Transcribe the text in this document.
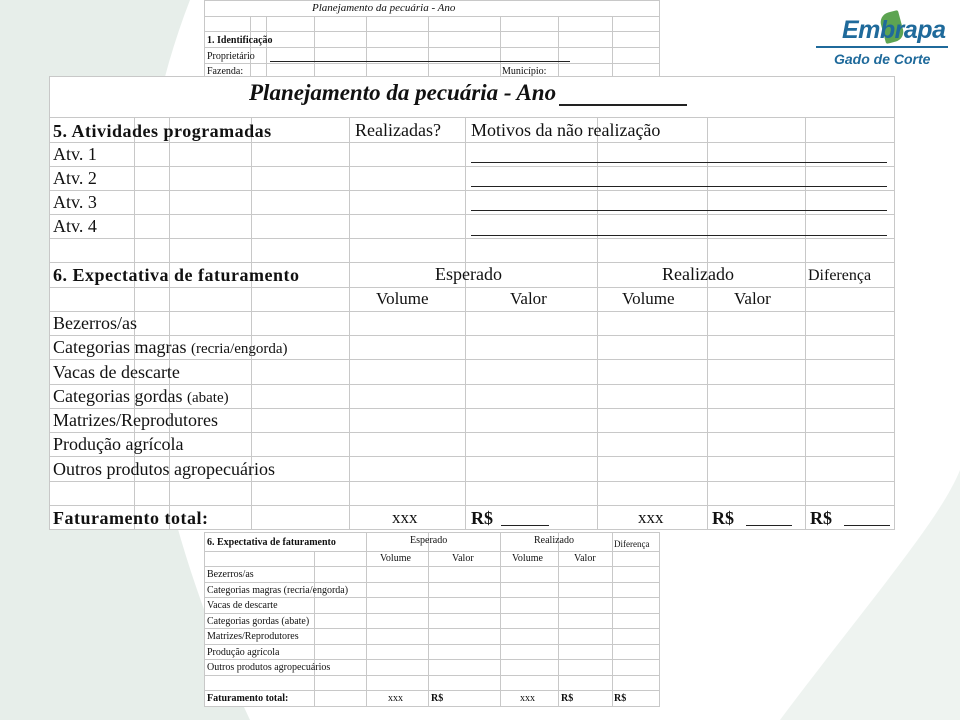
Embrapa
Gado de Corte
Planejamento da pecuária - Ano
1. Identificação
Proprietário
Fazenda:	Município:
Planejamento da pecuária - Ano
5. Atividades programadas	Realizadas? Motivos da não realização
Atv. 1
Atv. 2
Atv. 3
Atv. 4
6. Expectativa de faturamento	Esperado	Realizado	Diferença
Volume	Valor	Volume	Valor
Bezerros/as
Categorias magras (recria/engorda)
Vacas de descarte
Categorias gordas (abate)
Matrizes/Reprodutores
Produção agrícola
Outros produtos agropecuários
Faturamento total:	xxx	R$	xxx	R$	R$
6. Expectativa de faturamento	Esperado	Realizado	Diferença
Volume	Valor	Volume	Valor
Bezerros/as
Categorias magras (recria/engorda)
Vacas de descarte
Categorias gordas (abate)
Matrizes/Reprodutores
Produção agrícola
Outros produtos agropecuários
Faturamento total:	xxx	R$	xxx	R$	R$
